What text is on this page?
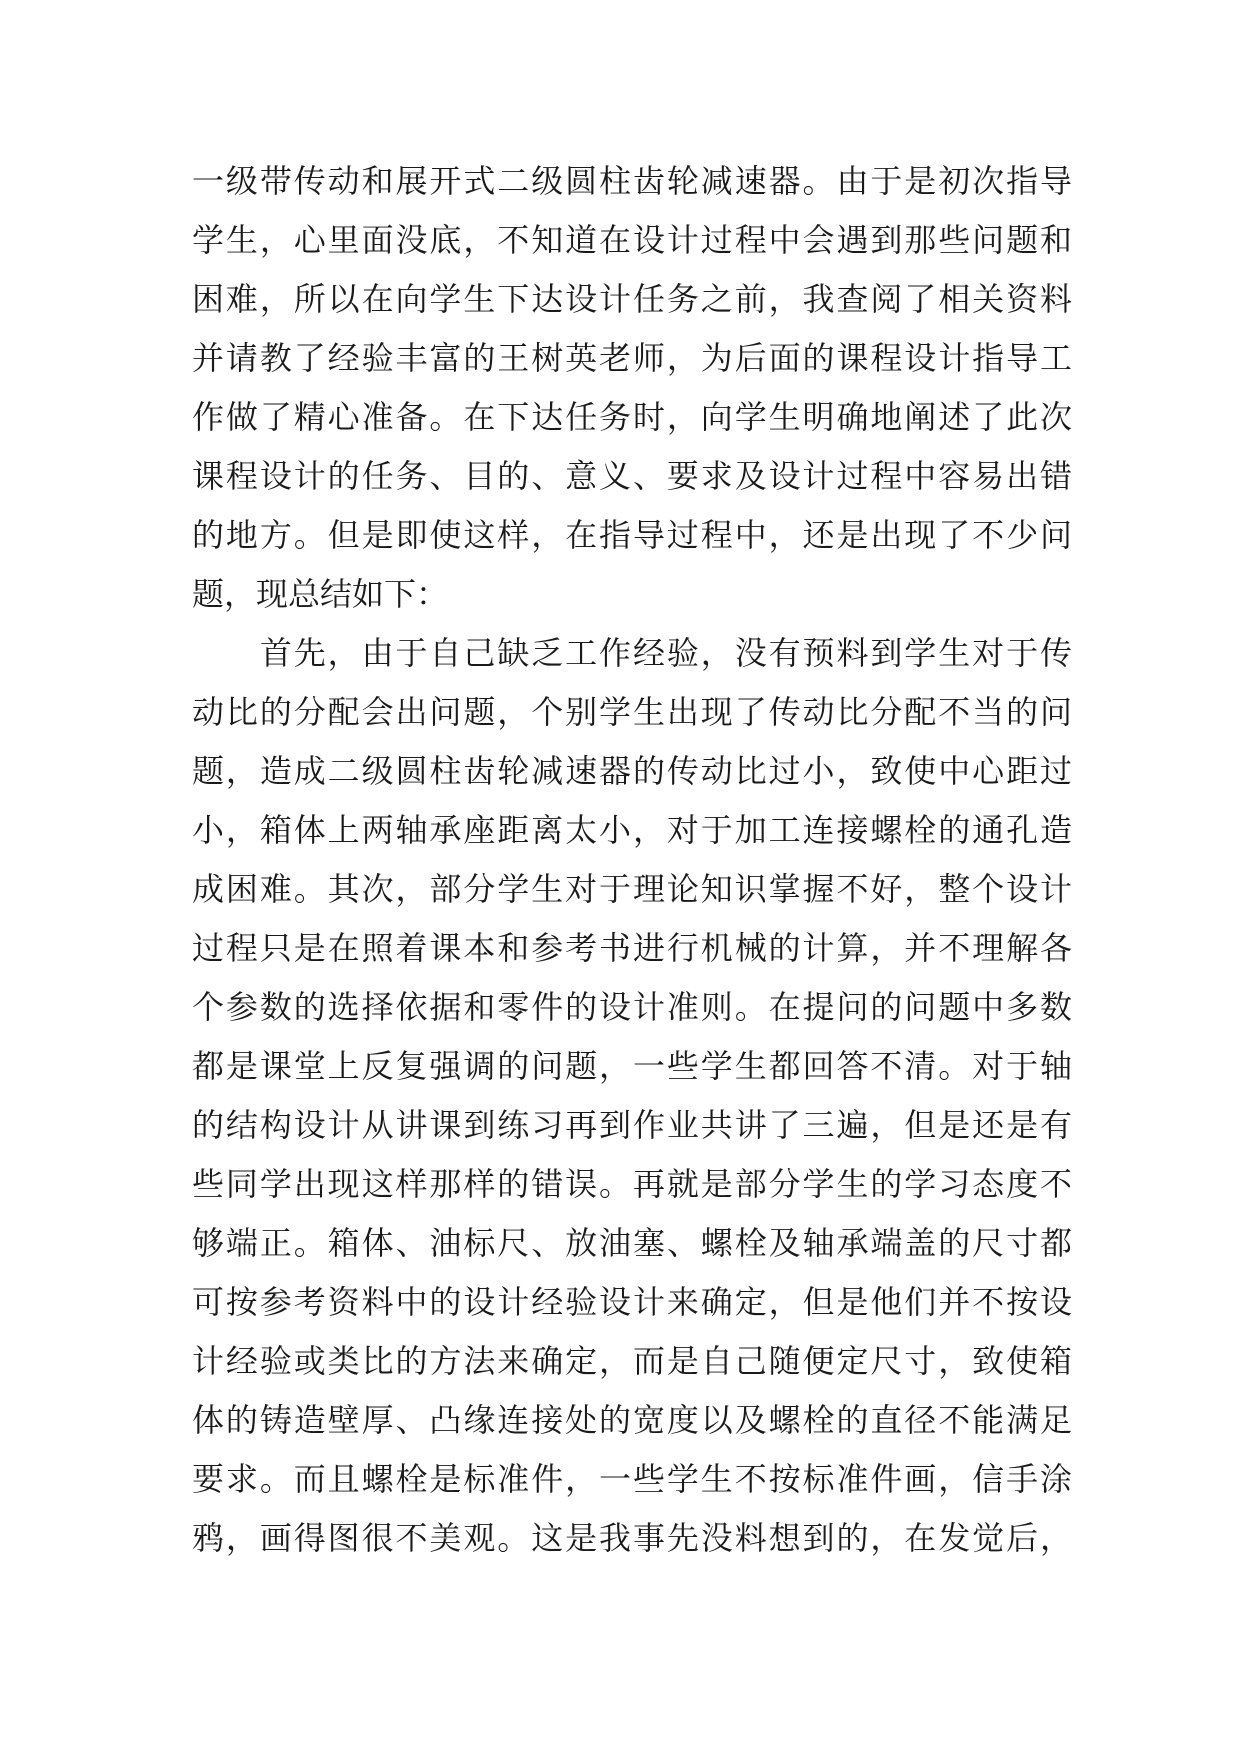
一级带传动和展开式二级圆柱齿轮减速器。由于是初次指导
学生，心里面没底，不知道在设计过程中会遇到那些问题和
困难，所以在向学生下达设计任务之前，我查阅了相关资料
并请教了经验丰富的王树英老师，为后面的课程设计指导工
作做了精心准备。在下达任务时，向学生明确地阐述了此次
课程设计的任务、目的、意义、要求及设计过程中容易出错
的地方。但是即使这样，在指导过程中，还是出现了不少问
题，现总结如下：
　　首先，由于自己缺乏工作经验，没有预料到学生对于传
动比的分配会出问题，个别学生出现了传动比分配不当的问
题，造成二级圆柱齿轮减速器的传动比过小，致使中心距过
小，箱体上两轴承座距离太小，对于加工连接螺栓的通孔造
成困难。其次，部分学生对于理论知识掌握不好，整个设计
过程只是在照着课本和参考书进行机械的计算，并不理解各
个参数的选择依据和零件的设计准则。在提问的问题中多数
都是课堂上反复强调的问题，一些学生都回答不清。对于轴
的结构设计从讲课到练习再到作业共讲了三遍，但是还是有
些同学出现这样那样的错误。再就是部分学生的学习态度不
够端正。箱体、油标尺、放油塞、螺栓及轴承端盖的尺寸都
可按参考资料中的设计经验设计来确定，但是他们并不按设
计经验或类比的方法来确定，而是自己随便定尺寸，致使箱
体的铸造壁厚、凸缘连接处的宽度以及螺栓的直径不能满足
要求。而且螺栓是标准件，一些学生不按标准件画，信手涂
鸦，画得图很不美观。这是我事先没料想到的，在发觉后，
